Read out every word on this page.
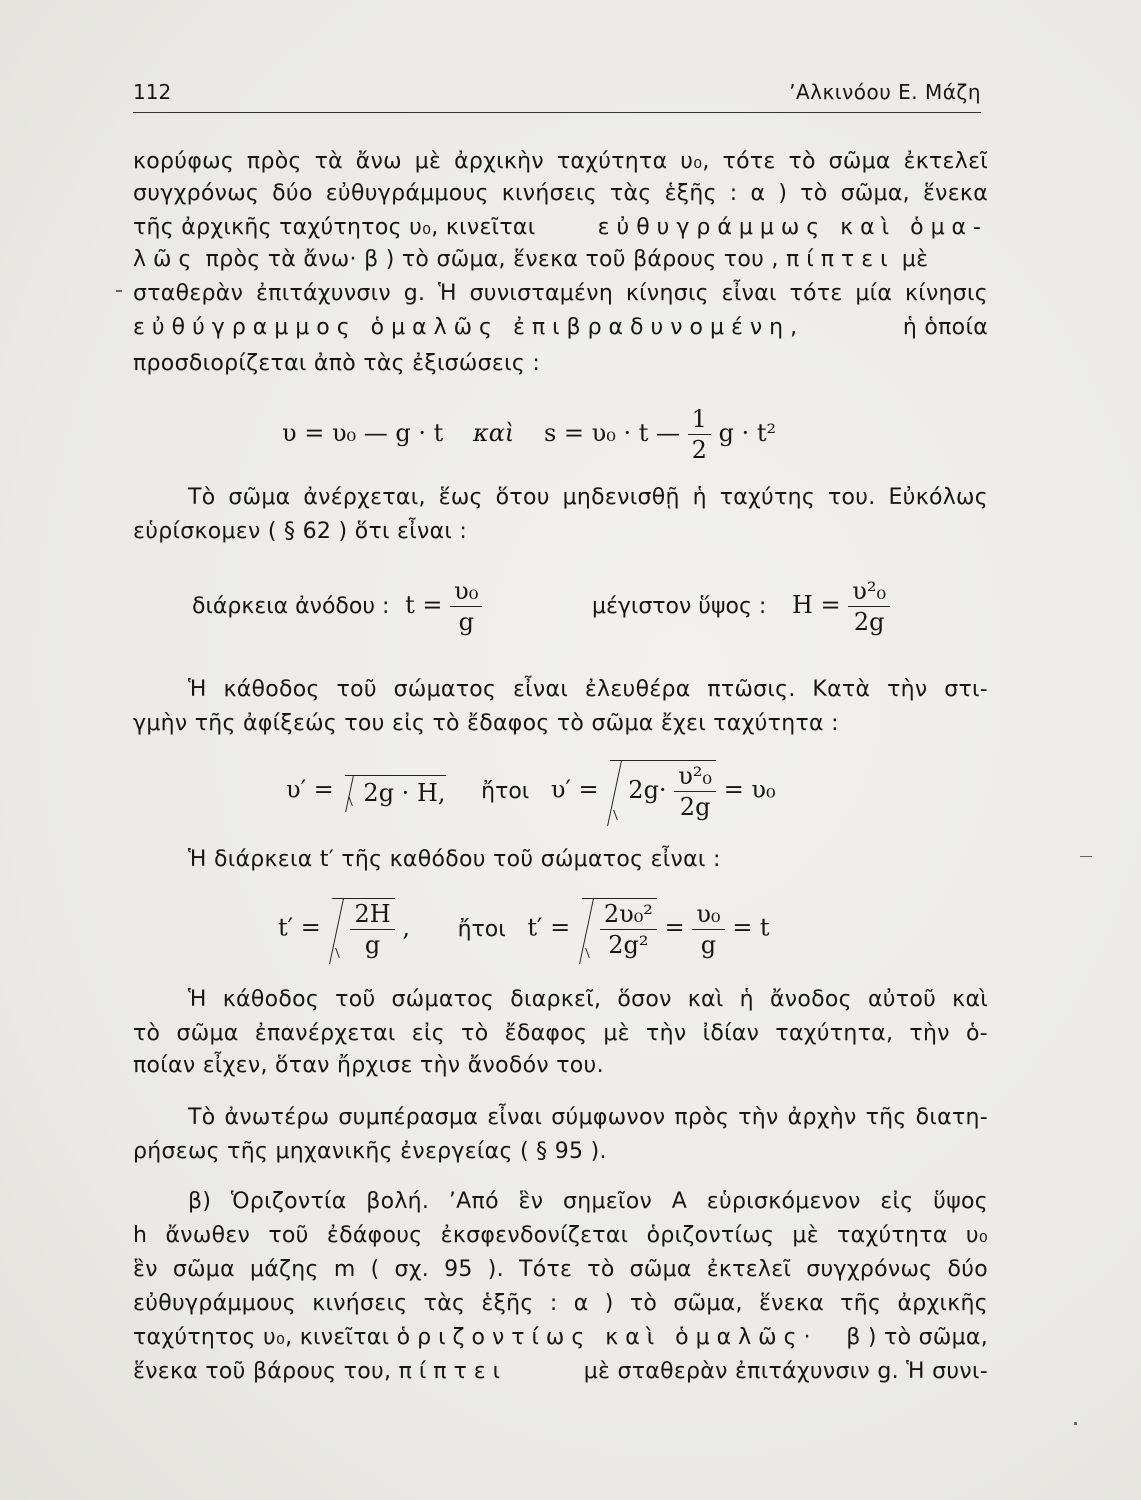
112	’Αλκινόου Ε. Μάζη
κορύφως πρὸς τὰ ἄνω μὲ ἀρχικὴν ταχύτητα υ₀, τότε τὸ σῶμα ἐκτελεῖ
συγχρόνως δύο εὐθυγράμμους κινήσεις τὰς ἑξῆς : α ) τὸ σῶμα, ἕνεκα
τῆς ἀρχικῆς ταχύτητος υ₀, κινεῖται	εὐθυγράμμως καὶ ὁμα-
λῶς πρὸς τὰ ἄνω· β ) τὸ σῶμα, ἕνεκα τοῦ βάρους του , πίπτει μὲ
σταθερὰν ἐπιτάχυνσιν g. Ἡ συνισταμένη κίνησις εἶναι τότε μία κίνησις
εὐθύγραμμος ὁμαλῶς ἐπιβραδυνομένη,	ἡ ὁποία
προσδιορίζεται ἀπὸ τὰς ἐξισώσεις :
υ = υ₀ — g · t καὶ s = υ₀ · t — $\frac{1}{2}$ g · t²
Τὸ σῶμα ἀνέρχεται, ἕως ὅτου μηδενισθῇ ἡ ταχύτης του. Εὐκόλως
εὑρίσκομεν ( § 62 ) ὅτι εἶναι :
διάρκεια ἀνόδου : $t = \frac{\text{υ₀}}{g}$	μέγιστον ὕψος : $H = \frac{\text{υ²₀}}{2g}$
Ἡ κάθοδος τοῦ σώματος εἶναι ἐλευθέρα πτῶσις. Κατὰ τὴν στι-
γμὴν τῆς ἀφίξεώς του εἰς τὸ ἔδαφος τὸ σῶμα ἔχει ταχύτητα :
υ′ = 2g · H, ἤτοι $\upsilon' = 2g\cdot \frac{\text{υ²₀}}{2g} = \upsilon_0$
Ἡ διάρκεια t′ τῆς καθόδου τοῦ σώματος εἶναι :
$t' = \frac{2H}{g}$ , ἤτοι $t' = \frac{\text{2υ₀²}}{\text{2g²}} = \frac{\text{υ₀}}{g} = t$
Ἡ κάθοδος τοῦ σώματος διαρκεῖ, ὅσον καὶ ἡ ἄνοδος αὐτοῦ καὶ
τὸ σῶμα ἐπανέρχεται εἰς τὸ ἔδαφος μὲ τὴν ἰδίαν ταχύτητα, τὴν ὁ-
ποίαν εἶχεν, ὅταν ἤρχισε τὴν ἄνοδόν του.
Τὸ ἀνωτέρω συμπέρασμα εἶναι σύμφωνον πρὸς τὴν ἀρχὴν τῆς διατη-
ρήσεως τῆς μηχανικῆς ἐνεργείας ( § 95 ).
β) Ὁριζοντία βολή. ’Από ἓν σημεῖον Α εὑρισκόμενον εἰς ὕψος
h ἄνωθεν τοῦ ἐδάφους ἐκσφενδονίζεται ὁριζοντίως μὲ ταχύτητα υ₀
ἓν σῶμα μάζης m ( σχ. 95 ). Τότε τὸ σῶμα ἐκτελεῖ συγχρόνως δύο
εὐθυγράμμους κινήσεις τὰς ἑξῆς : α ) τὸ σῶμα, ἕνεκα τῆς ἀρχικῆς
ταχύτητος υ₀, κινεῖται ὁριζοντίως καὶ ὁμαλῶς· β ) τὸ σῶμα,
ἕνεκα τοῦ βάρους του, πίπτει	μὲ σταθερὰν ἐπιτάχυνσιν g. Ἡ συνι-
